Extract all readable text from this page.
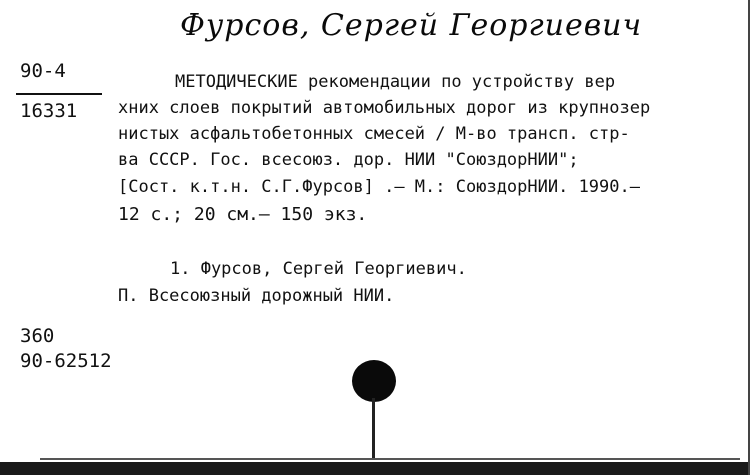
Фурсов, Сергей Георгиевич
90-4
16331
МЕТОДИЧЕСКИЕ рекомендации по устройству вер
хних слоев покрытий автомобильных дорог из крупнозер
нистых асфальтобетонных смесей / М-во трансп. стр-
ва СССР. Гос. всесоюз. дор. НИИ "СоюздорНИИ";
[Сост. к.т.н. С.Г.Фурсов] .– М.: СоюздорНИИ. 1990.–
12 с.; 20 см.– 150 экз.
1. Фурсов, Сергей Георгиевич.
П. Всесоюзный дорожный НИИ.
360
90-62512
